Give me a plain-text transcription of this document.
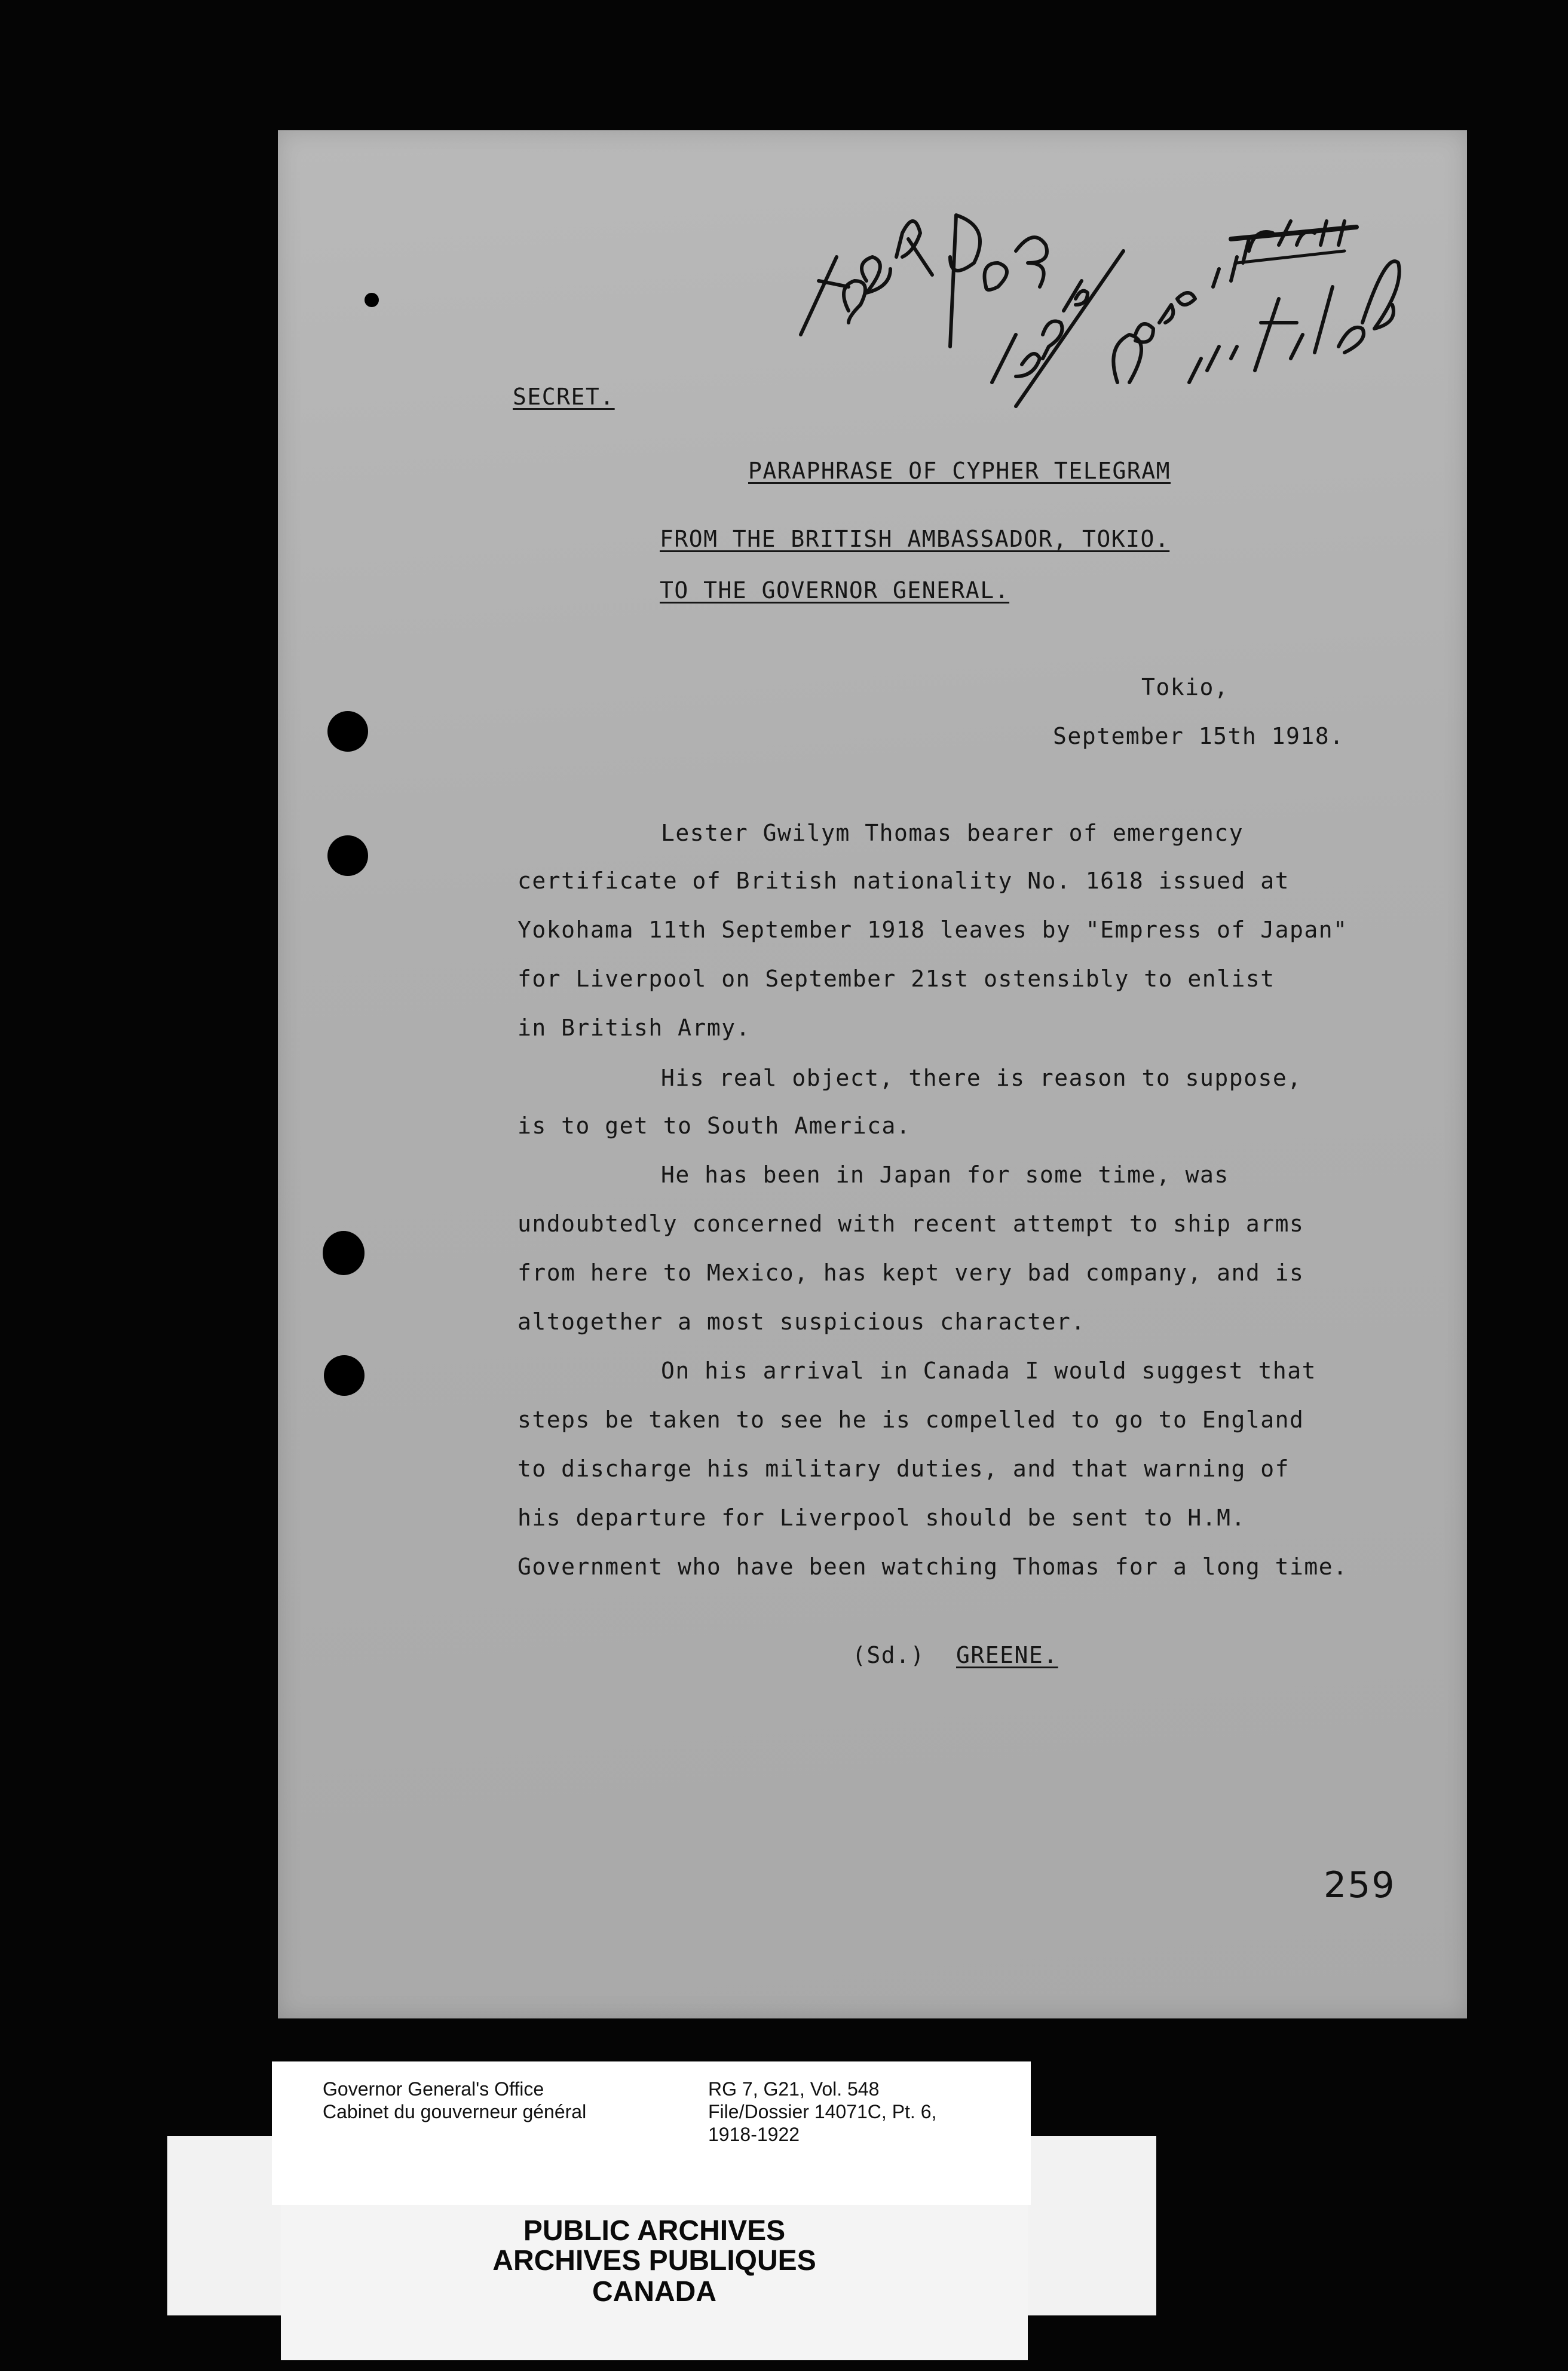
SECRET.
PARAPHRASE OF CYPHER TELEGRAM
FROM THE BRITISH AMBASSADOR, TOKIO.
TO THE GOVERNOR GENERAL.
Tokio,
September 15th 1918.
Lester Gwilym Thomas bearer of emergency
certificate of British nationality No. 1618 issued at
Yokohama 11th September 1918 leaves by "Empress of Japan"
for Liverpool on September 21st ostensibly to enlist
in British Army.
His real object, there is reason to suppose,
is to get to South America.
He has been in Japan for some time, was
undoubtedly concerned with recent attempt to ship arms
from here to Mexico, has kept very bad company, and is
altogether a most suspicious character.
On his arrival in Canada I would suggest that
steps be taken to see he is compelled to go to England
to discharge his military duties, and that warning of
his departure for Liverpool should be sent to H.M.
Government who have been watching Thomas for a long time.
(Sd.) GREENE.
259
PUBLIC ARCHIVES
ARCHIVES PUBLIQUES
CANADA
Governor General's Office
Cabinet du gouverneur général
RG 7, G21, Vol. 548
File/Dossier 14071C, Pt. 6,
1918-1922
